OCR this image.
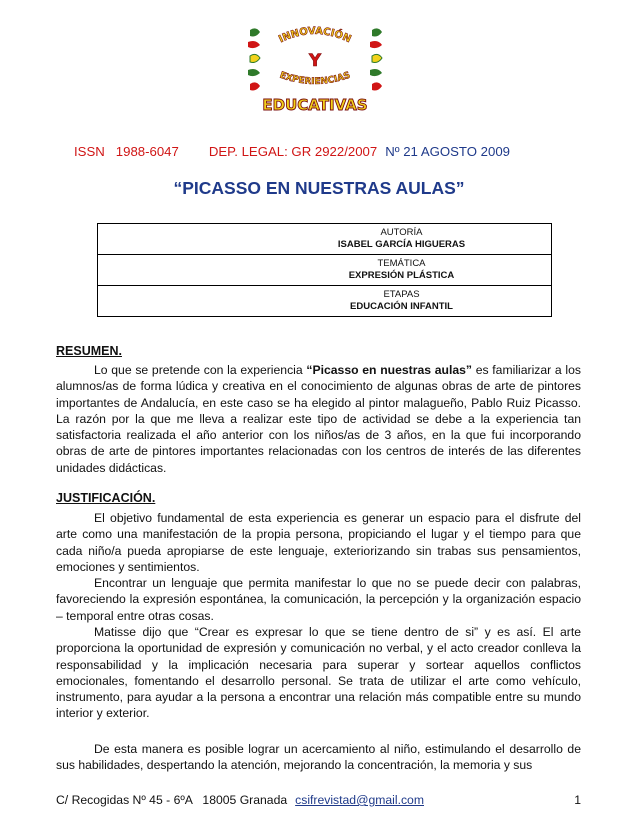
INNOVACIÓN
Y
EXPERIENCIAS
EDUCATIVAS
ISSN   1988-6047 DEP. LEGAL: GR 2922/2007 Nº 21 AGOSTO 2009
“PICASSO EN NUESTRAS AULAS”
AUTORÍA
ISABEL GARCÍA HIGUERAS
TEMÁTICA
EXPRESIÓN PLÁSTICA
ETAPAS
EDUCACIÓN INFANTIL
RESUMEN.
Lo que se pretende con la experiencia “Picasso en nuestras aulas” es familiarizar a los alumnos/as de forma lúdica y creativa en el conocimiento de algunas obras de arte de pintores importantes de Andalucía, en este caso se ha elegido al pintor malagueño, Pablo Ruiz Picasso. La razón por la que me lleva a realizar este tipo de actividad se debe a la experiencia tan satisfactoria realizada el año anterior con los niños/as de 3 años, en la que fui incorporando obras de arte de pintores importantes relacionadas con los centros de interés de las diferentes unidades didácticas.
JUSTIFICACIÓN.
El objetivo fundamental de esta experiencia es generar un espacio para el disfrute del arte como una manifestación de la propia persona, propiciando el lugar y el tiempo para que cada niño/a pueda apropiarse de este lenguaje, exteriorizando sin trabas sus pensamientos, emociones y sentimientos.
Encontrar un lenguaje que permita manifestar lo que no se puede decir con palabras, favoreciendo la expresión espontánea, la comunicación, la percepción y la organización espacio – temporal entre otras cosas.
Matisse dijo que “Crear es expresar lo que se tiene dentro de si” y es así. El arte proporciona la oportunidad de expresión y comunicación no verbal, y el acto creador conlleva la responsabilidad y la implicación necesaria para superar y sortear aquellos conflictos emocionales, fomentando el desarrollo personal. Se trata de utilizar el arte como vehículo, instrumento, para ayudar a la persona a encontrar una relación más compatible entre su mundo interior y exterior.
De esta manera es posible lograr un acercamiento al niño, estimulando el desarrollo de sus habilidades, despertando la atención, mejorando la concentración, la memoria y sus
C/ Recogidas Nº 45 - 6ºA   18005 Granada csifrevistad@gmail.com	1
